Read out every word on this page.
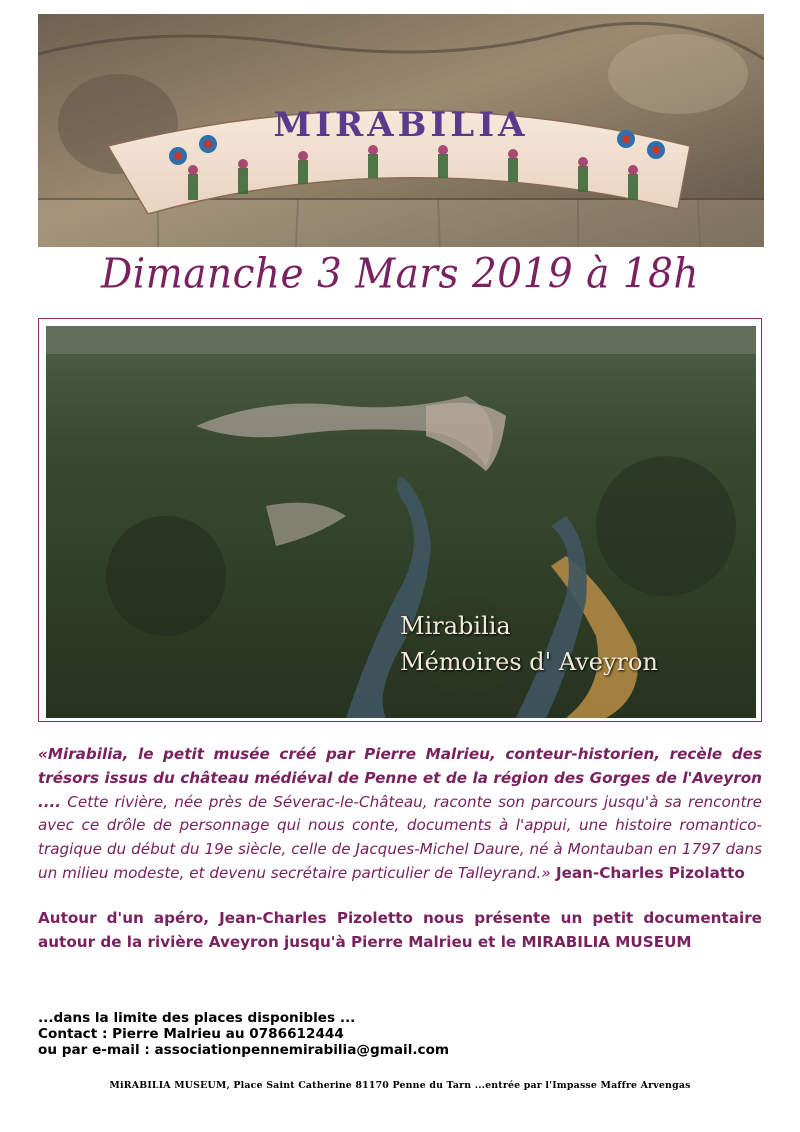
MIRABILIA
Dimanche 3 Mars 2019 à 18h
Mirabilia
Mémoires d' Aveyron
«Mirabilia, le petit musée créé par Pierre Malrieu, conteur-historien, recèle des trésors issus du château médiéval de Penne et de la région des Gorges de l'Aveyron .... Cette rivière, née près de Séverac-le-Château, raconte son parcours jusqu'à sa rencontre avec ce drôle de personnage qui nous conte, documents à l'appui, une histoire romantico-tragique du début du 19e siècle, celle de Jacques-Michel Daure, né à Montauban en 1797 dans un milieu modeste, et devenu secrétaire particulier de Talleyrand.» Jean-Charles Pizolatto
Autour d'un apéro, Jean-Charles Pizoletto nous présente un petit documentaire autour de la rivière Aveyron jusqu'à Pierre Malrieu et le MIRABILIA MUSEUM
...dans la limite des places disponibles ...
Contact : Pierre Malrieu au 0786612444
ou par e-mail : associationpennemirabilia@gmail.com
MiRABILIA MUSEUM, Place Saint Catherine 81170 Penne du Tarn ...entrée par l'Impasse Maffre Arvengas
